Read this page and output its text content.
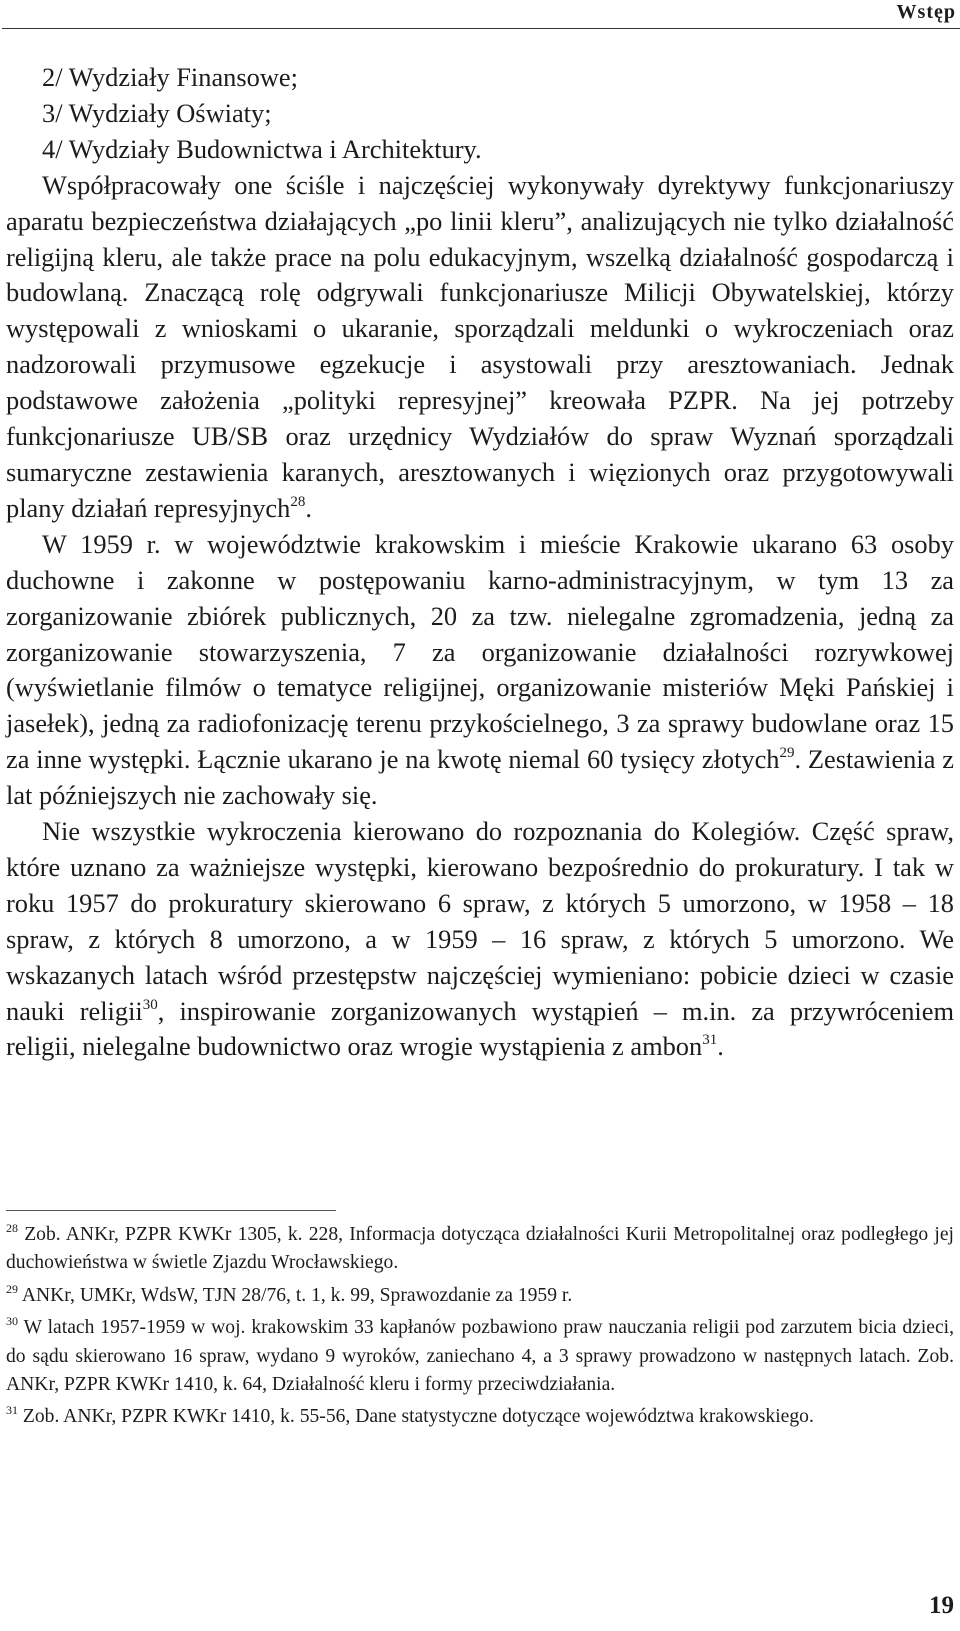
Wstęp

2/ Wydziały Finansowe;

3/ Wydziały Oświaty;

4/ Wydziały Budownictwa i Architektury.

Współpracowały one ściśle i najczęściej wykonywały dyrektywy funkcjonariuszy aparatu bezpieczeństwa działających „po linii kleru”, analizujących nie tylko działalność religijną kleru, ale także prace na polu edukacyjnym, wszelką działalność gospodarczą i budowlaną. Znaczącą rolę odgrywali funkcjonariusze Milicji Obywatelskiej, którzy występowali z wnioskami o ukaranie, sporządzali meldunki o wykroczeniach oraz nadzorowali przymusowe egzekucje i asystowali przy aresztowaniach. Jednak podstawowe założenia „polityki represyjnej” kreowała PZPR. Na jej potrzeby funkcjonariusze UB/SB oraz urzędnicy Wydziałów do spraw Wyznań sporządzali sumaryczne zestawienia karanych, aresztowanych i więzionych oraz przygotowywali plany działań represyjnych$^{28}$.

W 1959 r. w województwie krakowskim i mieście Krakowie ukarano 63 osoby duchowne i zakonne w postępowaniu karno-administracyjnym, w tym 13 za zorganizowanie zbiórek publicznych, 20 za tzw. nielegalne zgromadzenia, jedną za zorganizowanie stowarzyszenia, 7 za organizowanie działalności rozrywkowej (wyświetlanie filmów o tematyce religijnej, organizowanie misteriów Męki Pańskiej i jasełek), jedną za radiofonizację terenu przykościelnego, 3 za sprawy budowlane oraz 15 za inne występki. Łącznie ukarano je na kwotę niemal 60 tysięcy złotych$^{29}$. Zestawienia z lat późniejszych nie zachowały się.

Nie wszystkie wykroczenia kierowano do rozpoznania do Kolegiów. Część spraw, które uznano za ważniejsze występki, kierowano bezpośrednio do prokuratury. I tak w roku 1957 do prokuratury skierowano 6 spraw, z których 5 umorzono, w 1958 – 18 spraw, z których 8 umorzono, a w 1959 – 16 spraw, z których 5 umorzono. We wskazanych latach wśród przestępstw najczęściej wymieniano: pobicie dzieci w czasie nauki religii$^{30}$, inspirowanie zorganizowanych wystąpień – m.in. za przywróceniem religii, nielegalne budownictwo oraz wrogie wystąpienia z ambon$^{31}$.

$^{28}$ Zob. ANKr, PZPR KWKr 1305, k. 228, Informacja dotycząca działalności Kurii Metropolitalnej oraz podległego jej duchowieństwa w świetle Zjazdu Wrocławskiego.

$^{29}$ ANKr, UMKr, WdsW, TJN 28/76, t. 1, k. 99, Sprawozdanie za 1959 r.

$^{30}$ W latach 1957-1959 w woj. krakowskim 33 kapłanów pozbawiono praw nauczania religii pod zarzutem bicia dzieci, do sądu skierowano 16 spraw, wydano 9 wyroków, zaniechano 4, a 3 sprawy prowadzono w następnych latach. Zob. ANKr, PZPR KWKr 1410, k. 64, Działalność kleru i formy przeciwdziałania.

$^{31}$ Zob. ANKr, PZPR KWKr 1410, k. 55-56, Dane statystyczne dotyczące województwa krakowskiego.

19
